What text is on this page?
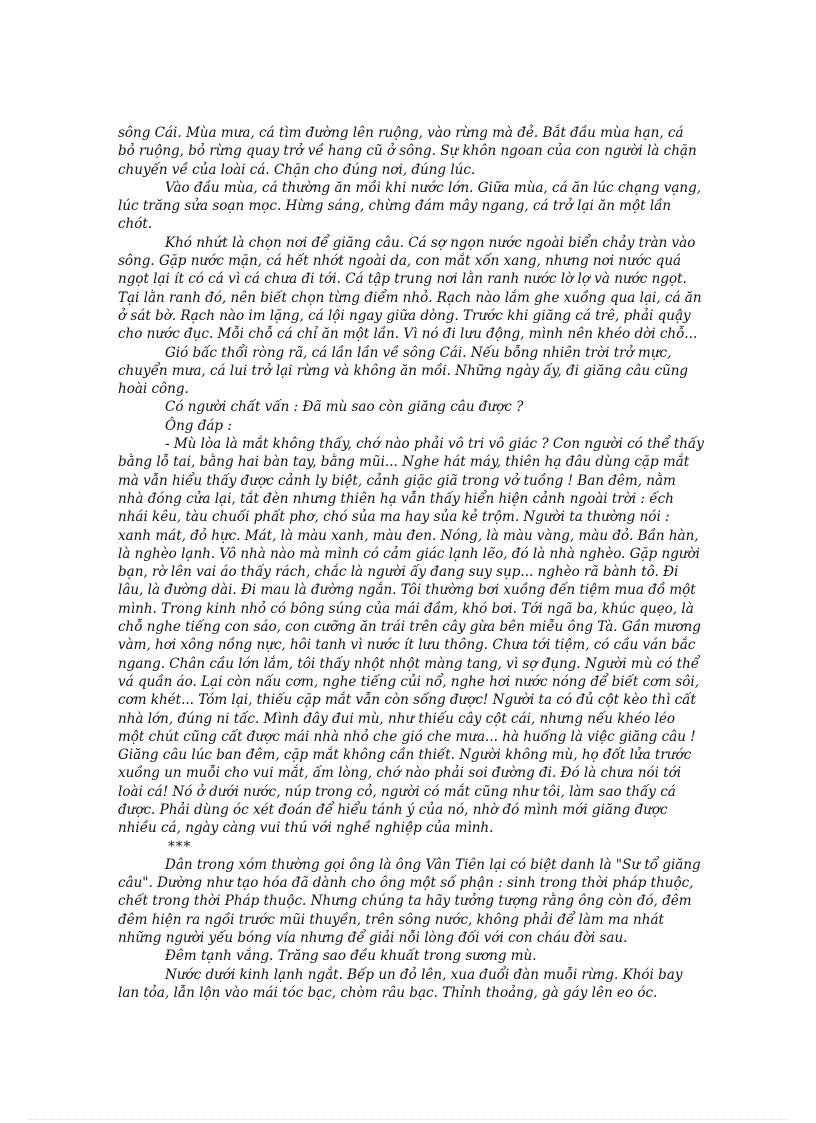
sông Cái. Mùa mưa, cá tìm đường lên ruộng, vào rừng mà đẻ. Bắt đầu mùa hạn, cá bỏ ruộng, bỏ rừng quay trở về hang cũ ở sông. Sự khôn ngoan của con người là chặn chuyến về của loài cá. Chặn cho đúng nơi, đúng lúc.

Vào đầu mùa, cá thường ăn mồi khi nước lớn. Giữa mùa, cá ăn lúc chạng vạng, lúc trăng sửa soạn mọc. Hừng sáng, chừng đám mây ngang, cá trở lại ăn một lần chót.

Khó nhứt là chọn nơi để giăng câu. Cá sợ ngọn nước ngoài biển chảy tràn vào sông. Gặp nước mặn, cá hết nhớt ngoài da, con mắt xốn xang, nhưng nơi nước quá ngọt lại ít có cá vì cá chưa đi tới. Cá tập trung nơi lằn ranh nước lờ lợ và nước ngọt.

Tại lằn ranh đó, nên biết chọn từng điểm nhỏ. Rạch nào lắm ghe xuồng qua lại, cá ăn ở sát bờ. Rạch nào im lặng, cá lội ngay giữa dòng. Trước khi giăng cá trê, phải quậy cho nước đục. Mỗi chỗ cá chỉ ăn một lần. Vì nó đi lưu động, mình nên khéo dời chỗ...

Gió bấc thổi ròng rã, cá lần lần về sông Cái. Nếu bỗng nhiên trời trở mực, chuyển mưa, cá lui trở lại rừng và không ăn mồi. Những ngày ấy, đi giăng câu cũng hoài công.

Có người chất vấn : Đã mù sao còn giăng câu được ?

Ông đáp :

- Mù lòa là mắt không thấy, chớ nào phải vô tri vô giác ? Con người có thể thấy bằng lỗ tai, bằng hai bàn tay, bằng mũi... Nghe hát máy, thiên hạ đâu dùng cặp mắt mà vẫn hiểu thấy được cảnh ly biệt, cảnh giặc giã trong vở tuồng ! Ban đêm, nằm nhà đóng cửa lại, tắt đèn nhưng thiên hạ vẫn thấy hiển hiện cảnh ngoài trời : ếch nhái kêu, tàu chuối phất phơ, chó sủa ma hay sủa kẻ trộm. Người ta thường nói : xanh mát, đỏ hực. Mát, là màu xanh, màu đen. Nóng, là màu vàng, màu đỏ. Bần hàn, là nghèo lạnh. Vô nhà nào mà mình có cảm giác lạnh lẽo, đó là nhà nghèo. Gặp người bạn, rờ lên vai áo thấy rách, chắc là người ấy đang suy sụp... nghèo rã bành tô. Đi lâu, là đường dài. Đi mau là đường ngắn. Tôi thường bơi xuồng đến tiệm mua đồ một mình. Trong kinh nhỏ có bông súng của mái đầm, khó bơi. Tới ngã ba, khúc quẹo, là chỗ nghe tiếng con sáo, con cưỡng ăn trái trên cây gừa bên miễu ông Tà. Gần mương vàm, hơi xông nồng nực, hôi tanh vì nước ít lưu thông. Chưa tới tiệm, có cầu ván bắc ngang. Chân cầu lớn lắm, tôi thấy nhột nhột màng tang, vì sợ đụng. Người mù có thể vá quần áo. Lại còn nấu cơm, nghe tiếng củi nổ, nghe hơi nước nóng để biết cơm sôi, cơm khét... Tóm lại, thiếu cặp mắt vẫn còn sống được! Người ta có đủ cột kèo thì cất nhà lớn, đúng ni tấc. Mình đây đui mù, như thiếu cây cột cái, nhưng nếu khéo léo một chút cũng cất được mái nhà nhỏ che gió che mưa... hà huống là việc giăng câu ! Giăng câu lúc ban đêm, cặp mắt không cần thiết. Người không mù, họ đốt lửa trước xuồng un muỗi cho vui mắt, ấm lòng, chớ nào phải soi đường đi. Đó là chưa nói tới loài cá! Nó ở dưới nước, núp trong cỏ, người có mắt cũng như tôi, làm sao thấy cá được. Phải dùng óc xét đoán để hiểu tánh ý của nó, nhờ đó mình mới giăng được nhiều cá, ngày càng vui thú với nghề nghiệp của mình.

***

Dân trong xóm thường gọi ông là ông Vân Tiên lại có biệt danh là "Sư tổ giăng câu". Dường như tạo hóa đã dành cho ông một số phận : sinh trong thời pháp thuộc, chết trong thời Pháp thuộc. Nhưng chúng ta hãy tưởng tượng rằng ông còn đó, đêm đêm hiện ra ngồi trước mũi thuyền, trên sông nước, không phải để làm ma nhát những người yếu bóng vía nhưng để giải nỗi lòng đối với con cháu đời sau.

Đêm tạnh vắng. Trăng sao đều khuất trong sương mù.

Nước dưới kinh lạnh ngắt. Bếp un đỏ lên, xua đuổi đàn muỗi rừng. Khói bay lan tỏa, lẫn lộn vào mái tóc bạc, chòm râu bạc. Thỉnh thoảng, gà gáy lên eo óc.
